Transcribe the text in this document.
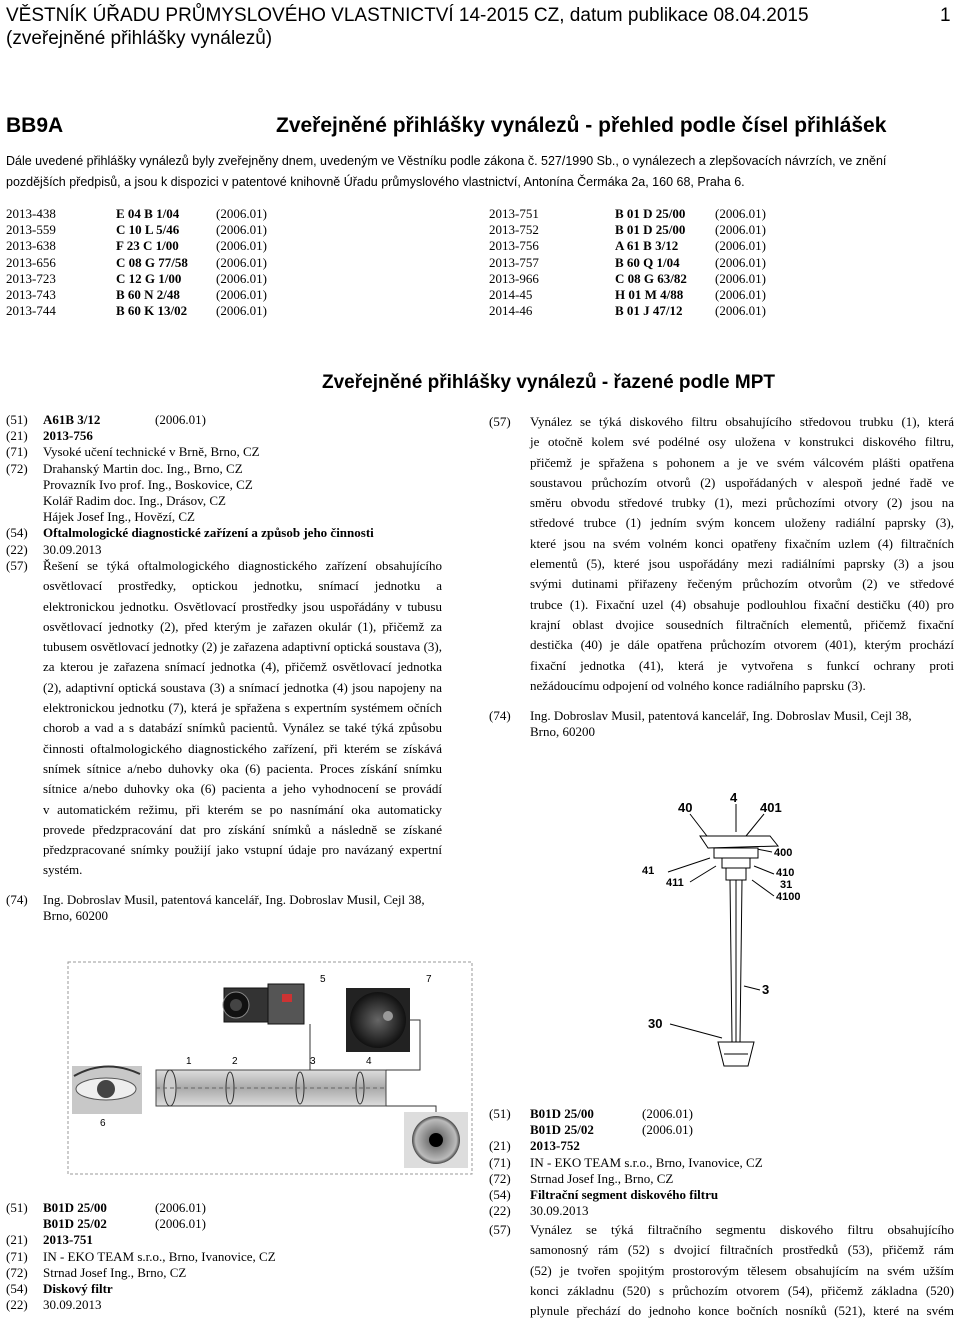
VĚSTNÍK ÚŘADU PRŮMYSLOVÉHO VLASTNICTVÍ 14-2015 CZ, datum publikace 08.04.2015
(zveřejněné přihlášky vynálezů)
1
BB9A	Zveřejněné přihlášky vynálezů - přehled podle čísel přihlášek
Dále uvedené přihlášky vynálezů byly zveřejněny dnem, uvedeným ve Věstníku podle zákona č. 527/1990 Sb., o vynálezech a zlepšovacích návrzích, ve znění
pozdějších předpisů, a jsou k dispozici v patentové knihovně Úřadu průmyslového vlastnictví, Antonína Čermáka 2a, 160 68, Praha 6.
2013-438	E 04 B 1/04	(2006.01)
2013-559	C 10 L 5/46	(2006.01)
2013-638	F 23 C 1/00	(2006.01)
2013-656	C 08 G 77/58	(2006.01)
2013-723	C 12 G 1/00	(2006.01)
2013-743	B 60 N 2/48	(2006.01)
2013-744	B 60 K 13/02	(2006.01)
2013-751	B 01 D 25/00	(2006.01)
2013-752	B 01 D 25/00	(2006.01)
2013-756	A 61 B 3/12	(2006.01)
2013-757	B 60 Q 1/04	(2006.01)
2013-966	C 08 G 63/82	(2006.01)
2014-45	H 01 M 4/88	(2006.01)
2014-46	B 01 J 47/12	(2006.01)
Zveřejněné přihlášky vynálezů - řazené podle MPT
(51)	A61B 3/12	(2006.01)
(21)	2013-756
(71)	Vysoké učení technické v Brně, Brno, CZ
(72)	Drahanský Martin doc. Ing., Brno, CZ
Provazník Ivo prof. Ing., Boskovice, CZ
Kolář Radim doc. Ing., Drásov, CZ
Hájek Josef Ing., Hovězí, CZ
(54)	Oftalmologické diagnostické zařízení a způsob jeho činnosti
(22)	30.09.2013
(57)	Řešení se týká oftalmologického diagnostického zařízení obsahujícího
osvětlovací prostředky, optickou jednotku, snímací jednotku a
elektronickou jednotku. Osvětlovací prostředky jsou uspořádány v tubusu
osvětlovací jednotky (2), před kterým je zařazen okulár (1), přičemž za
tubusem osvětlovací jednotky (2) je zařazena adaptivní optická soustava (3),
za kterou je zařazena snímací jednotka (4), přičemž osvětlovací jednotka
(2), adaptivní optická soustava (3) a snímací jednotka (4) jsou napojeny na
elektronickou jednotku (7), která je spřažena s expertním systémem očních
chorob a vad a s databází snímků pacientů. Vynález se také týká způsobu
činnosti oftalmologického diagnostického zařízení, při kterém se získává
snímek sítnice a/nebo duhovky oka (6) pacienta. Proces získání snímku
sítnice a/nebo duhovky oka (6) pacienta a jeho vyhodnocení se provádí
v automatickém režimu, při kterém se po nasnímání oka automaticky
provede předzpracování dat pro získání snímků a následně se získané
předzpracované snímky použijí jako vstupní údaje pro navázaný expertní
systém.
(74)	Ing. Dobroslav Musil, patentová kancelář, Ing. Dobroslav Musil, Cejl 38,
Brno, 60200
1	2	3	4
5
6
7
(57)	Vynález se týká diskového filtru obsahujícího středovou trubku (1), která
je otočně kolem své podélné osy uložena v konstrukci diskového filtru,
přičemž je spřažena s pohonem a je ve svém válcovém plášti opatřena
soustavou průchozím otvorů (2) uspořádaných v alespoň jedné řadě ve
směru obvodu středové trubky (1), mezi průchozími otvory (2) jsou na
středové trubce (1) jedním svým koncem uloženy radiální paprsky (3),
které jsou na svém volném konci opatřeny fixačním uzlem (4) filtračních
elementů (5), které jsou uspořádány mezi radiálními paprsky (3) a jsou
svými dutinami přiřazeny řečeným průchozím otvorům (2) ve středové
trubce (1). Fixační uzel (4) obsahuje podlouhlou fixační destičku (40) pro
krajní oblast dvojice sousedních filtračních elementů, přičemž fixační
destička (40) je dále opatřena průchozím otvorem (401), kterým prochází
fixační jednotka (41), která je vytvořena s funkcí ochrany proti
nežádoucímu odpojení od volného konce radiálního paprsku (3).
(74)	Ing. Dobroslav Musil, patentová kancelář, Ing. Dobroslav Musil, Cejl 38,
Brno, 60200
40
4
401
400
41
411
410
31
4100
3
30
(51)	B01D 25/00	(2006.01)
B01D 25/02	(2006.01)
(21)	2013-751
(71)	IN - EKO TEAM s.r.o., Brno, Ivanovice, CZ
(72)	Strnad Josef Ing., Brno, CZ
(54)	Diskový filtr
(22)	30.09.2013
(51)	B01D 25/00	(2006.01)
B01D 25/02	(2006.01)
(21)	2013-752
(71)	IN - EKO TEAM s.r.o., Brno, Ivanovice, CZ
(72)	Strnad Josef Ing., Brno, CZ
(54)	Filtrační segment diskového filtru
(22)	30.09.2013
(57)	Vynález se týká filtračního segmentu diskového filtru obsahujícího
samonosný rám (52) s dvojicí filtračních prostředků (53), přičemž rám
(52) je tvořen spojitým prostorovým tělesem obsahujícím na svém užším
konci základnu (520) s průchozím otvorem (54), přičemž základna (520)
plynule přechází do jednoho konce bočních nosníků (521), které na svém
